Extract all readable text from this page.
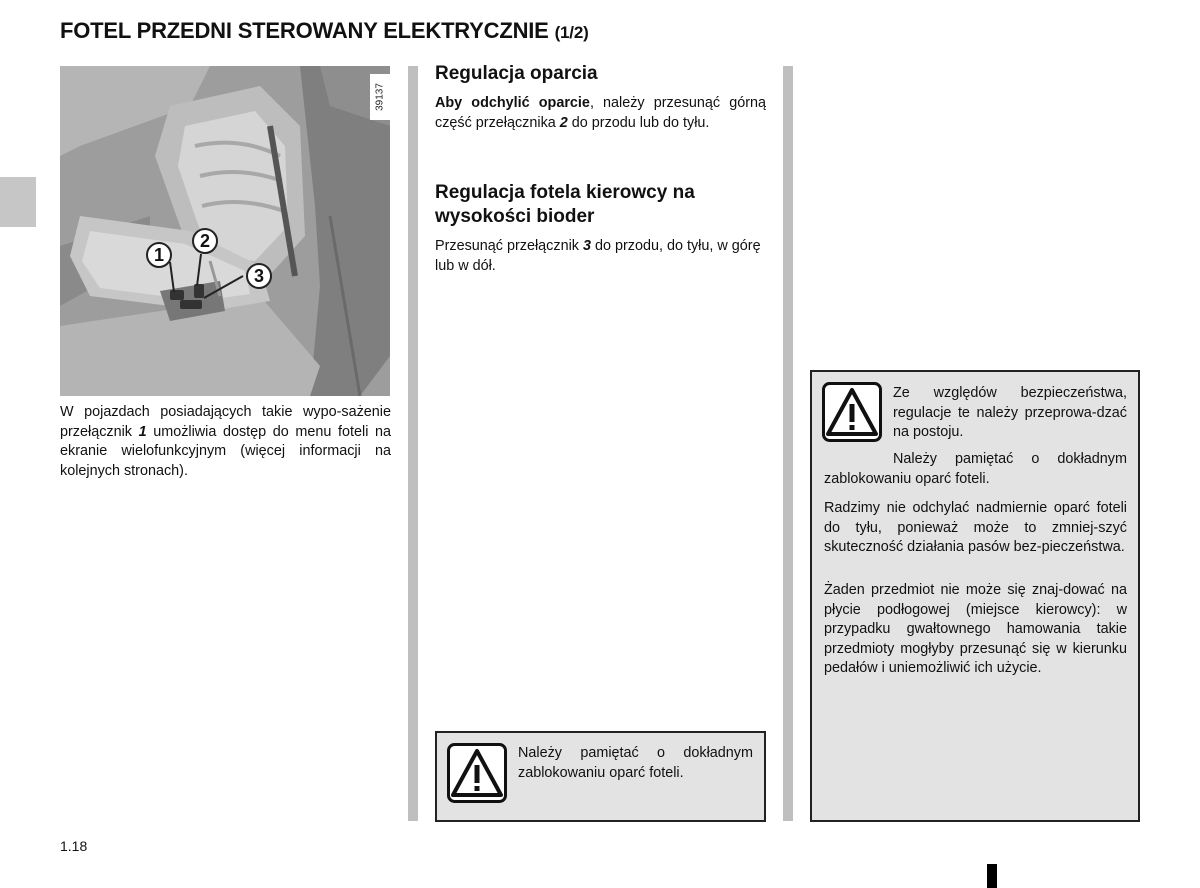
FOTEL PRZEDNI STEROWANY ELEKTRYCZNIE (1/2)
1
2
3
39137
W pojazdach posiadających takie wypo-sażenie przełącznik 1 umożliwia dostęp do menu foteli na ekranie wielofunkcyjnym (więcej informacji na kolejnych stronach).
Regulacja oparcia
Aby odchylić oparcie, należy przesunąć górną część przełącznika 2 do przodu lub do tyłu.
Regulacja fotela kierowcy na
wysokości bioder
Przesunąć przełącznik 3 do przodu, do tyłu, w górę lub w dół.
Należy pamiętać o dokładnym zablokowaniu oparć foteli.
Ze względów bezpieczeństwa, regulacje te należy przeprowa-dzać na postoju.
Należy pamiętać o dokładnym zablokowaniu oparć foteli.
Radzimy nie odchylać nadmiernie oparć foteli do tyłu, ponieważ może to zmniej-szyć skuteczność działania pasów bez-pieczeństwa.
Żaden przedmiot nie może się znaj-dować na płycie podłogowej (miejsce kierowcy): w przypadku gwałtownego hamowania takie przedmioty mogłyby przesunąć się w kierunku pedałów i uniemożliwić ich użycie.
1.18
